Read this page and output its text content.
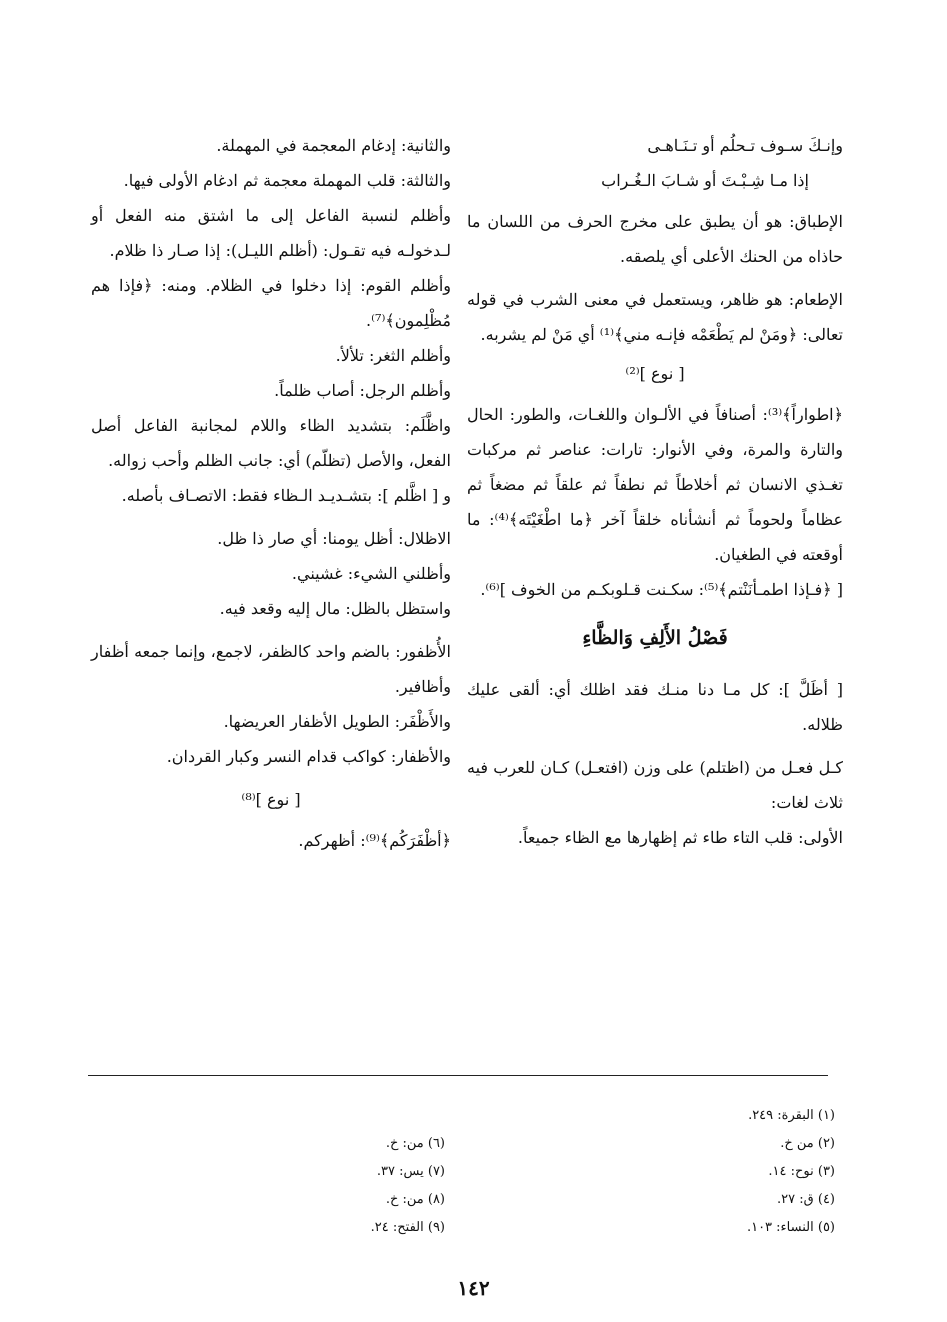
وإنـكَ سـوف تـحلُم أو تـنَـاهـى
إذا مـا شِـبْـتَ أو شـابَ الـغُـراب

الإطباق: هو أن يطبق على مخرج الحرف من اللسان ما حاذاه من الحنك الأعلى أي يلصقه.

الإطعام: هو ظاهر، ويستعمل في معنى الشرب في قوله تعالى: ﴿ومَنْ لم يَطْعَمْه فإنـه مني﴾⁽¹⁾ أي مَنْ لم يشربه.

[ نوع ]⁽²⁾

﴿اطواراً﴾⁽³⁾: أصنافاً في الألـوان واللغـات، والطور: الحال والتارة والمرة، وفي الأنوار: تارات: عناصر ثم مركبات تغـذي الانسان ثم أخلاطاً ثم نطفاً ثم علقاً ثم مضغاً ثم عظاماً ولحوماً ثم أنشأناه خلقاً آخر ﴿ما اطْغَيْتَه﴾⁽⁴⁾: ما أوقعته في الطغيان.

[ ﴿فـإذا اطمـأنَنْتم﴾⁽⁵⁾: سكـنت قـلوبكـم من الخوف ]⁽⁶⁾.

فَصْلُ الأَلِفِ وَالظَّاءِ

[ أظَلَّ ]: كل مـا دنا منـك فقد اظلك أي: ألقى عليك ظلاله.

كـل فعـل من (اظتلم) على وزن (افتعـل) كـان للعرب فيه ثلاث لغات:

الأولى: قلب التاء طاء ثم إظهارها مع الظاء جميعاً.

والثانية: إدغام المعجمة في المهملة.

والثالثة: قلب المهملة معجمة ثم ادغام الأولى فيها.

وأظلم لنسبة الفاعل إلى ما اشتق منه الفعل أو لـدخولـه فيه تقـول: (أظلم الليـل): إذا صـار ذا ظلام.

وأظلم القوم: إذا دخلوا في الظلام. ومنه: ﴿فإذا هم مُظْلِمون﴾⁽⁷⁾.

وأظلم الثغر: تلألأ.

وأظلم الرجل: أصاب ظلماً.

واظَّلَم: بتشديد الظاء واللام لمجانبة الفاعل أصل الفعل، والأصل (تظلّم) أي: جانب الظلم وأحب زواله.

و [ اظَّلم ]: بتشـديـد الـظاء فقط: الاتصـاف بأصله.

الاظلال: أظل يومنا: أي صار ذا ظل.

وأظلني الشيء: غشيني.

واستظل بالظل: مال إليه وقعد فيه.

الأُظفور: بالضم واحد كالظفر، لاجمع، وإنما جمعه أظفار وأظافير.

والأَظْفَر: الطويل الأظفار العريضها.

والأظفار: كواكب قدام النسر وكبار القردان.

[ نوع ]⁽⁸⁾

﴿أظْفَرَكُم﴾⁽⁹⁾: أظهركم.

(١) البقرة: ٢٤٩.
(٢) من خ.
(٣) نوح: ١٤.
(٤) ق: ٢٧.
(٥) النساء: ١٠٣.
(٦) من: خ.
(٧) يس: ٣٧.
(٨) من: خ.
(٩) الفتح: ٢٤.
١٤٢
